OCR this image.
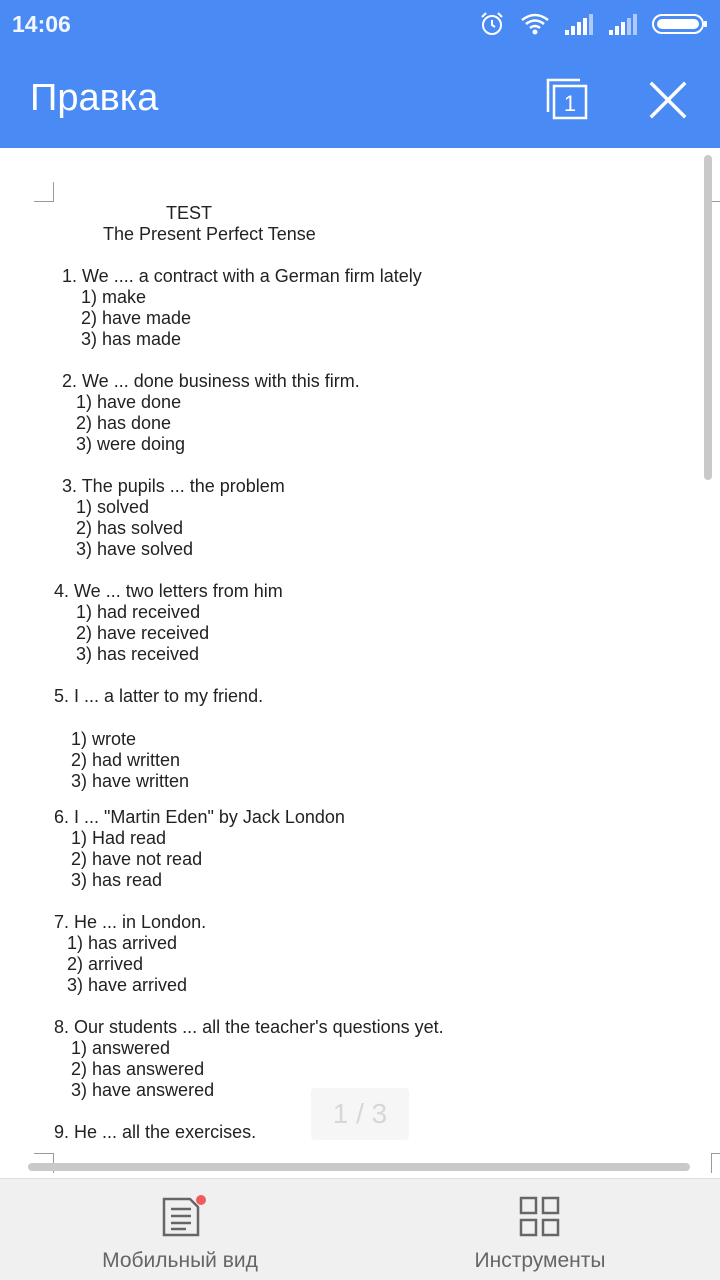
14:06
Правка	1
TEST
The Present Perfect Tense
1. We .... a contract with a German firm lately
1) make
2) have made
3) has made
2. We ... done business with this firm.
1) have done
2) has done
3) were doing
3. The pupils ... the problem
1) solved
2) has solved
3) have solved
4. We ... two letters from him
1) had received
2) have received
3) has received
5. I ... a latter to my friend.
1) wrote
2) had written
3) have written
6. I ... "Martin Eden" by Jack London
1) Had read
2) have not read
3) has read
7. He ... in London.
1) has arrived
2) arrived
3) have arrived
8. Our students ... all the teacher's questions yet.
1) answered
2) has answered
3) have answered
9. He ... all the exercises.
1 / 3
Мобильный вид	Инструменты
